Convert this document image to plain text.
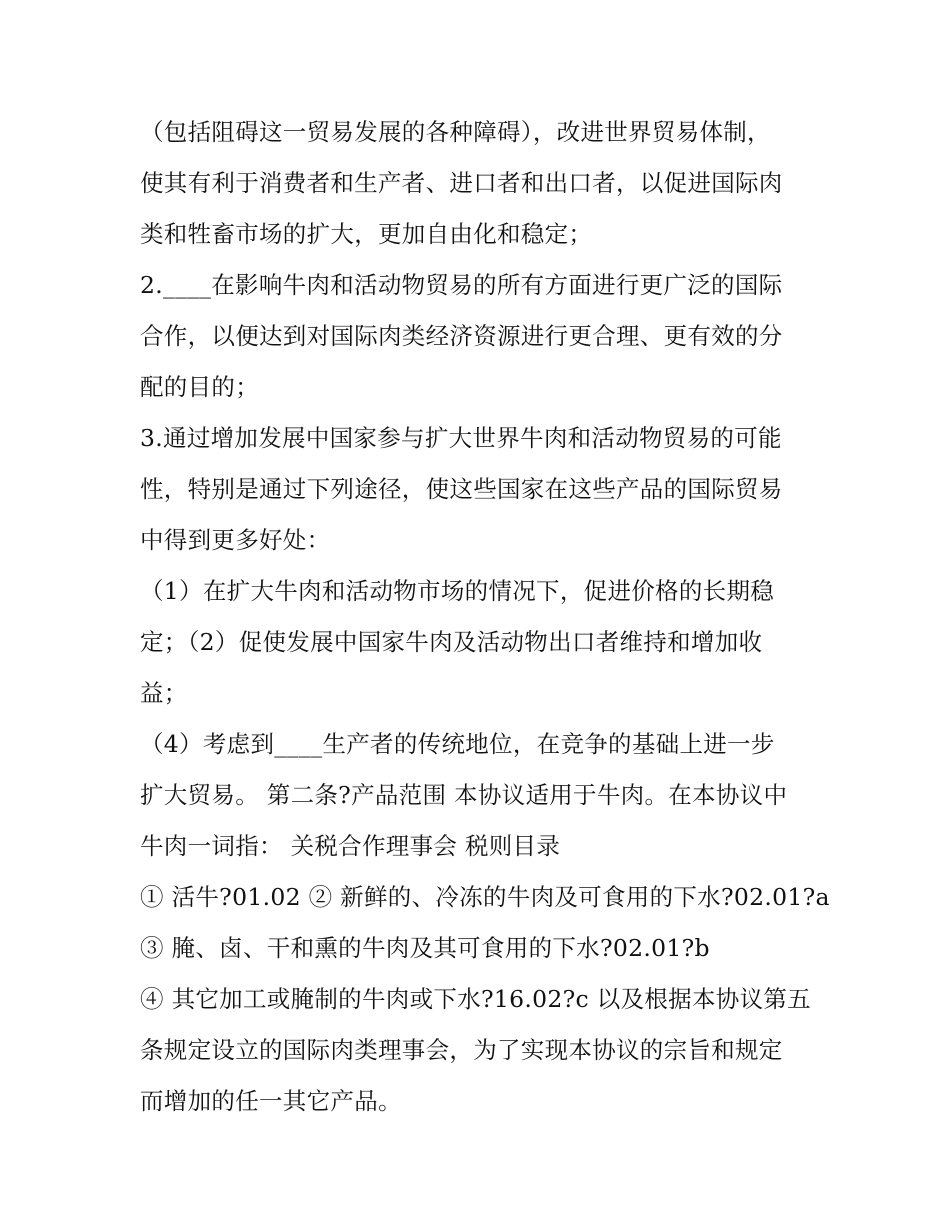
（包括阻碍这一贸易发展的各种障碍），改进世界贸易体制，
使其有利于消费者和生产者、进口者和出口者，以促进国际肉
类和牲畜市场的扩大，更加自由化和稳定；
2.____在影响牛肉和活动物贸易的所有方面进行更广泛的国际
合作，以便达到对国际肉类经济资源进行更合理、更有效的分
配的目的；
3.通过增加发展中国家参与扩大世界牛肉和活动物贸易的可能
性，特别是通过下列途径，使这些国家在这些产品的国际贸易
中得到更多好处：
（1）在扩大牛肉和活动物市场的情况下，促进价格的长期稳
定；（2）促使发展中国家牛肉及活动物出口者维持和增加收
益；
（4）考虑到____生产者的传统地位，在竞争的基础上进一步
扩大贸易。 第二条?产品范围 本协议适用于牛肉。在本协议中
牛肉一词指： 关税合作理事会 税则目录
① 活牛?01.02 ② 新鲜的、冷冻的牛肉及可食用的下水?02.01?a
③ 腌、卤、干和熏的牛肉及其可食用的下水?02.01?b
④ 其它加工或腌制的牛肉或下水?16.02?c 以及根据本协议第五
条规定设立的国际肉类理事会，为了实现本协议的宗旨和规定
而增加的任一其它产品。
